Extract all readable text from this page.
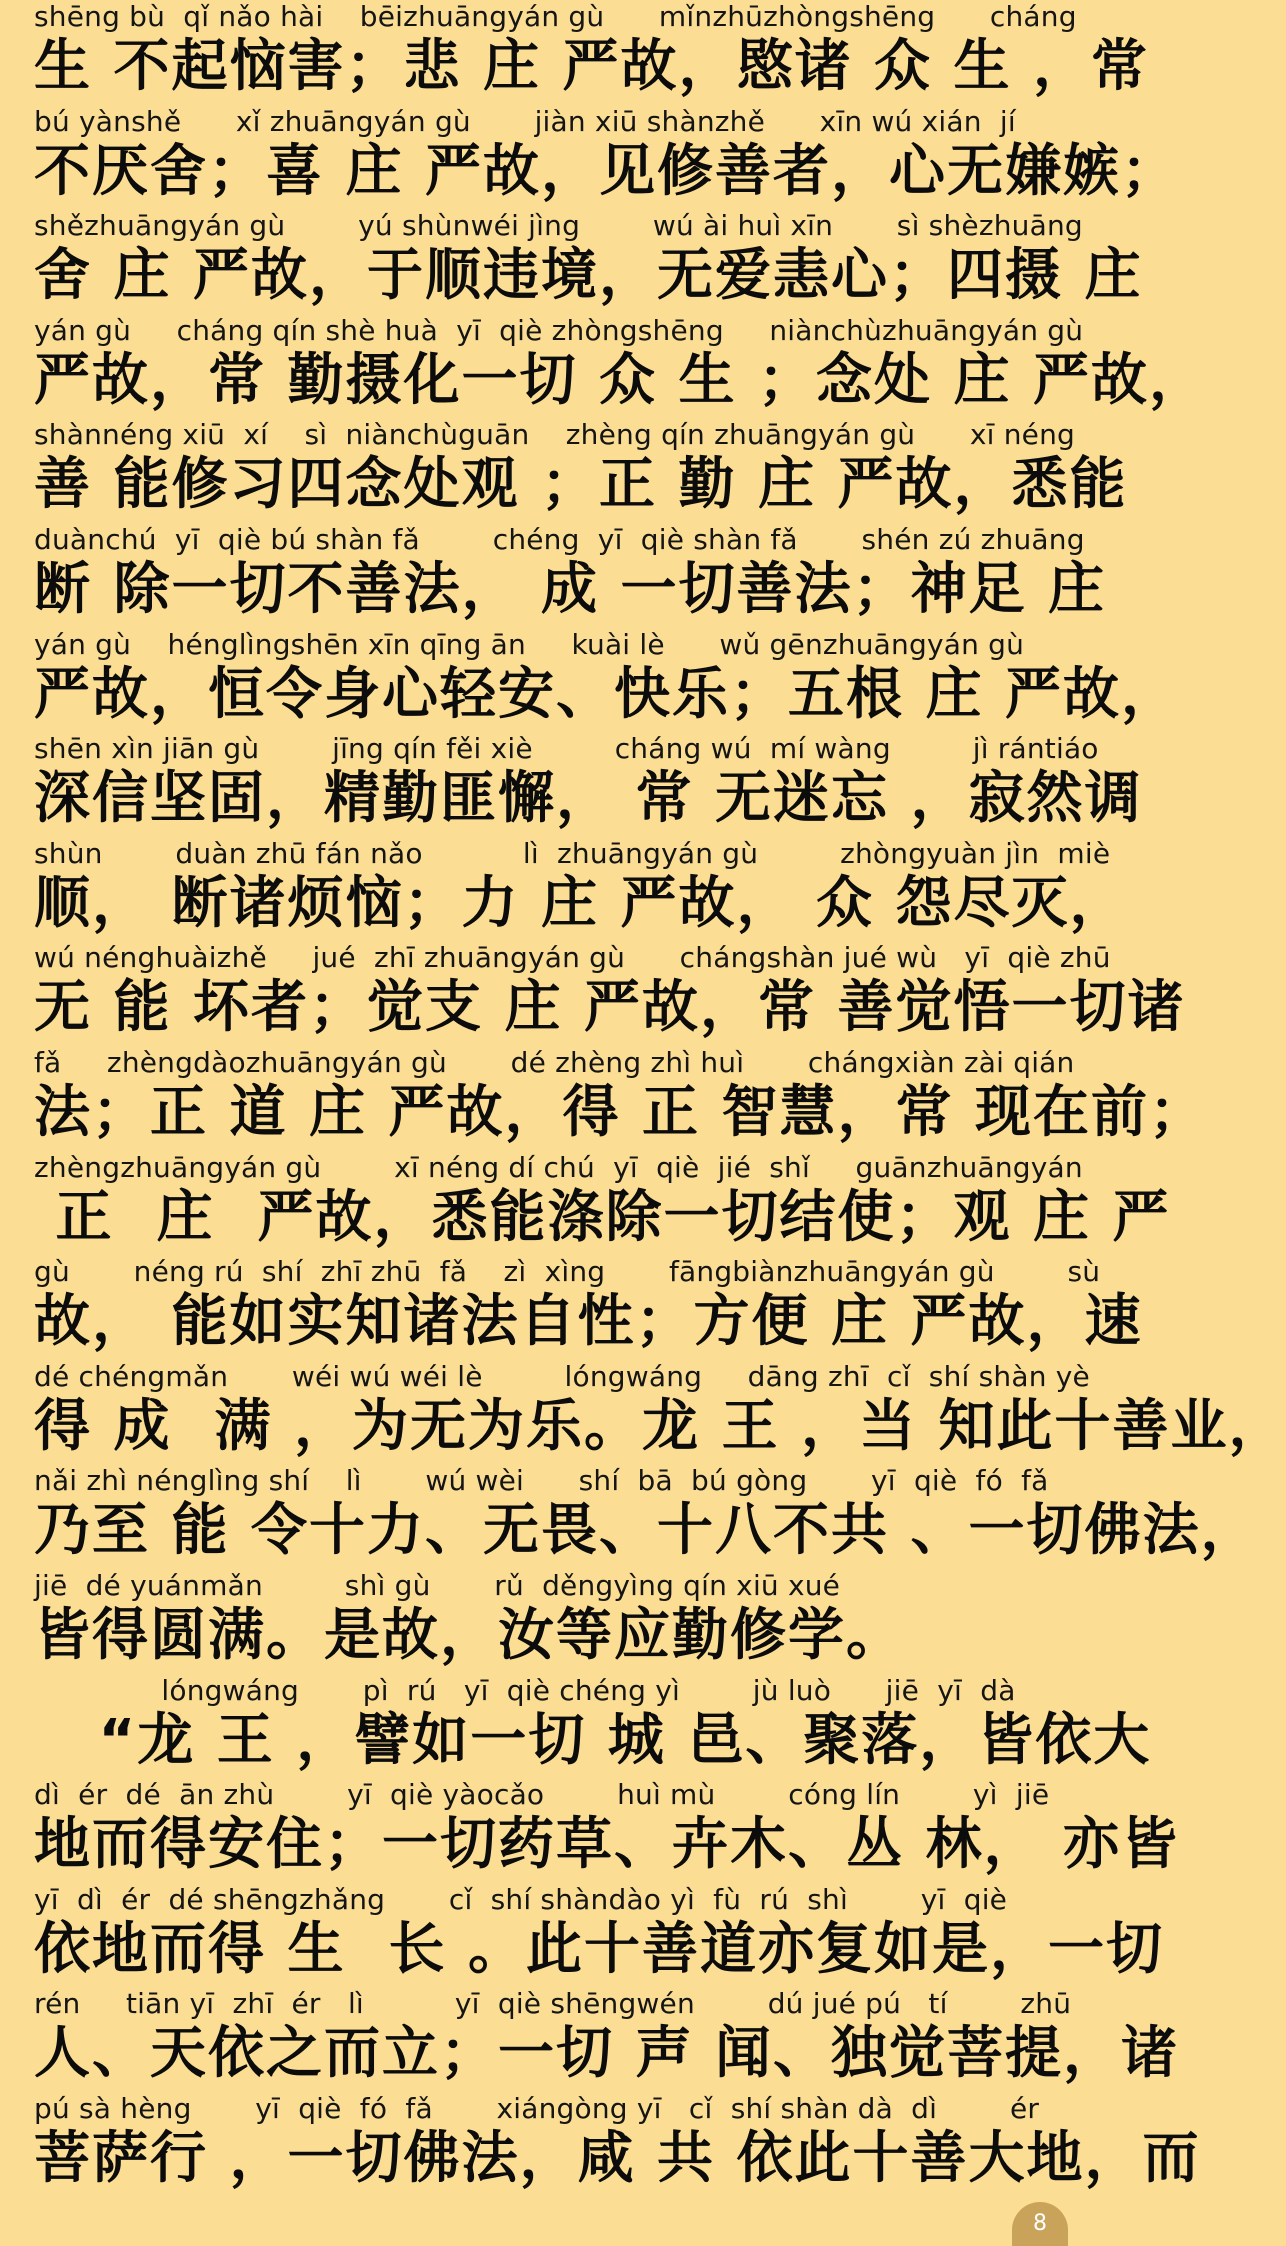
shēng bù  qǐ nǎo hài    bēizhuāngyán gù      mǐnzhūzhòngshēng      cháng
生 不起恼害；悲 庄 严故，愍诸 众 生 ，常
bú yànshě      xǐ zhuāngyán gù       jiàn xiū shànzhě      xīn wú xián  jí
不厌舍；喜 庄 严故，见修善者，心无嫌嫉；
shězhuāngyán gù        yú shùnwéi jìng        wú ài huì xīn       sì shèzhuāng
舍 庄 严故，于顺违境，无爱恚心；四摄 庄
yán gù     cháng qín shè huà  yī  qiè zhòngshēng     niànchùzhuāngyán gù
严故，常 勤摄化一切 众 生 ；念处 庄 严故，
shànnéng xiū  xí    sì  niànchùguān    zhèng qín zhuāngyán gù      xī néng
善 能修习四念处观 ；正 勤 庄 严故，悉能
duànchú  yī  qiè bú shàn fǎ        chéng  yī  qiè shàn fǎ       shén zú zhuāng
断 除一切不善法， 成 一切善法；神足 庄
yán gù    hénglìngshēn xīn qīng ān     kuài lè      wǔ gēnzhuāngyán gù
严故，恒令身心轻安、快乐；五根 庄 严故，
shēn xìn jiān gù        jīng qín fěi xiè         cháng wú  mí wàng         jì rántiáo
深信坚固，精勤匪懈， 常 无迷忘 ，寂然调
shùn        duàn zhū fán nǎo           lì  zhuāngyán gù         zhòngyuàn jìn  miè
顺， 断诸烦恼；力 庄 严故， 众 怨尽灭，
wú nénghuàizhě     jué  zhī zhuāngyán gù      chángshàn jué wù   yī  qiè zhū
无 能 坏者；觉支 庄 严故，常 善觉悟一切诸
fǎ     zhèngdàozhuāngyán gù       dé zhèng zhì huì       chángxiàn zài qián
法；正 道 庄 严故，得 正 智慧，常 现在前；
zhèngzhuāngyán gù        xī néng dí chú  yī  qiè  jié  shǐ     guānzhuāngyán
正  庄  严故，悉能涤除一切结使；观 庄 严
gù       néng rú  shí  zhī zhū  fǎ    zì  xìng       fāngbiànzhuāngyán gù        sù
故， 能如实知诸法自性；方便 庄 严故，速
dé chéngmǎn       wéi wú wéi lè         lóngwáng     dāng zhī  cǐ  shí shàn yè
得 成  满 ，为无为乐。龙 王 ，当 知此十善业，
nǎi zhì nénglìng shí    lì       wú wèi      shí  bā  bú gòng       yī  qiè  fó  fǎ
乃至 能 令十力、无畏、十八不共 、一切佛法，
jiē  dé yuánmǎn         shì gù       rǔ  děngyìng qín xiū xué
皆得圆满。是故，汝等应勤修学。
lóngwáng       pì  rú   yī  qiè chéng yì        jù luò      jiē  yī  dà
“龙 王 ，譬如一切 城 邑、聚落，皆依大
dì  ér  dé  ān zhù        yī  qiè yàocǎo        huì mù        cóng lín        yì  jiē
地而得安住；一切药草、卉木、丛 林， 亦皆
yī  dì  ér  dé shēngzhǎng       cǐ  shí shàndào yì  fù  rú  shì        yī  qiè
依地而得 生  长 。此十善道亦复如是，一切
rén     tiān yī  zhī  ér   lì          yī  qiè shēngwén        dú jué pú   tí        zhū
人、天依之而立；一切 声 闻、独觉菩提，诸
pú sà hèng       yī  qiè  fó  fǎ       xiángòng yī   cǐ  shí shàn dà  dì        ér
菩萨行 ，一切佛法，咸 共 依此十善大地，而
8
